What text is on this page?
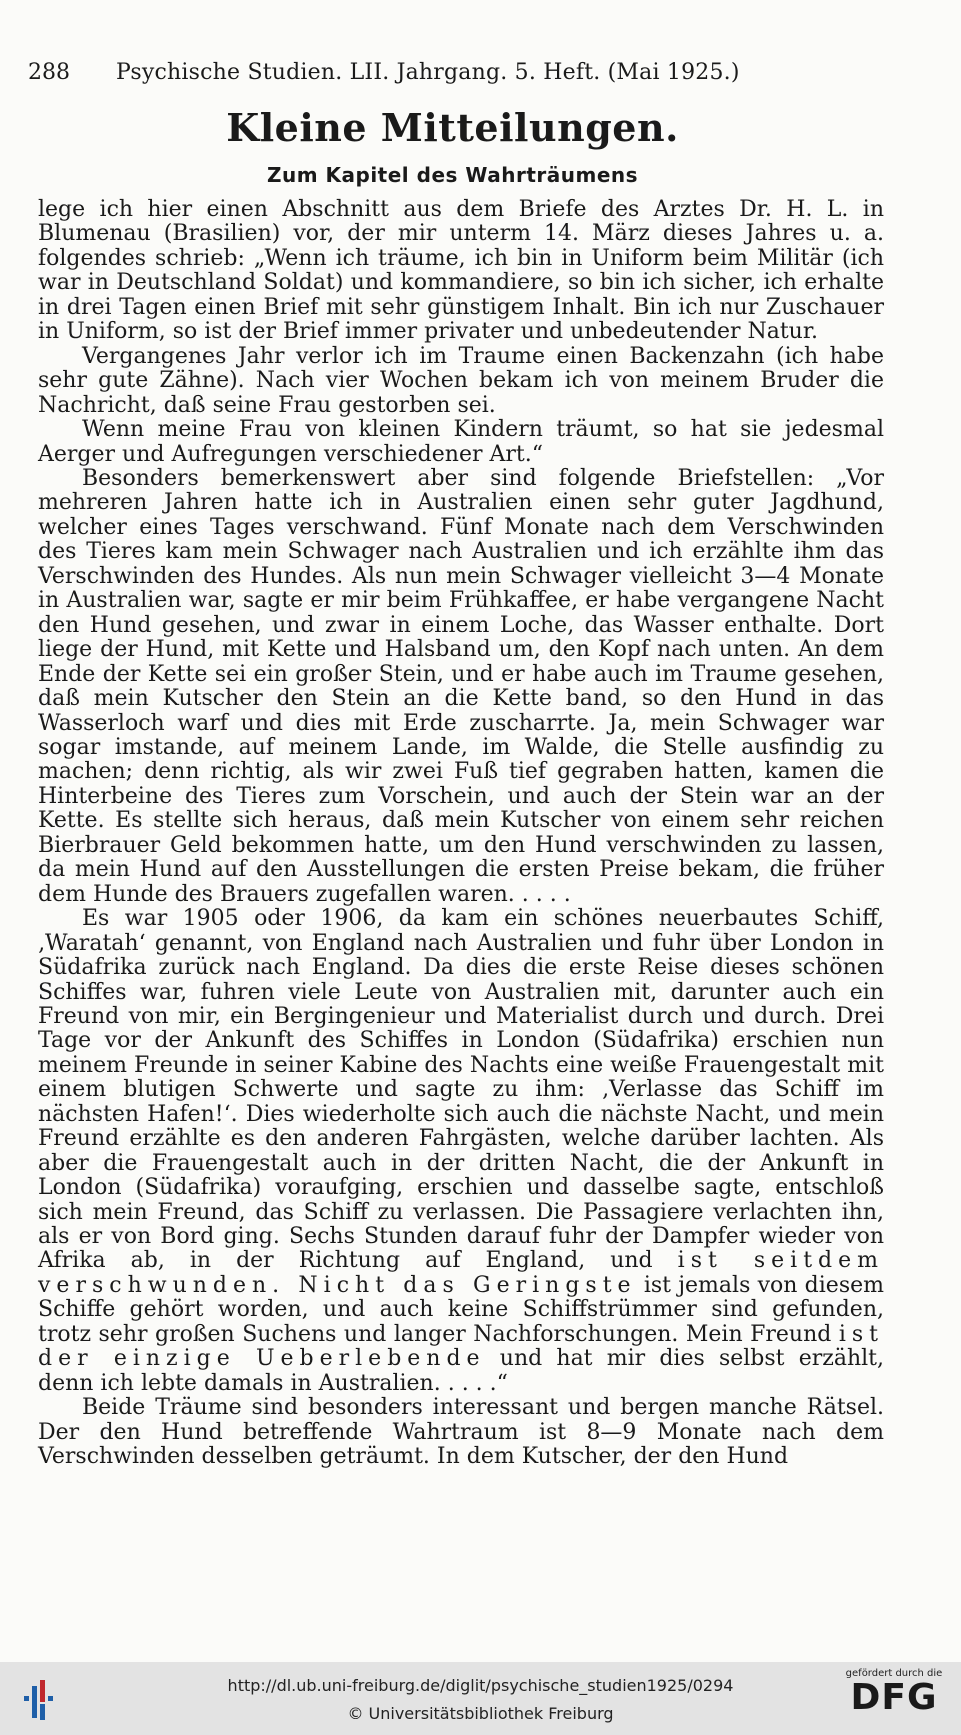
288 Psychische Studien. LII. Jahrgang. 5. Heft. (Mai 1925.)
Kleine Mitteilungen.
Zum Kapitel des Wahrträumens

lege ich hier einen Abschnitt aus dem Briefe des Arztes Dr. H. L. in Blumenau (Brasilien) vor, der mir unterm 14. März dieses Jahres u. a. folgendes schrieb: „Wenn ich träume, ich bin in Uniform beim Militär (ich war in Deutschland Soldat) und kommandiere, so bin ich sicher, ich erhalte in drei Tagen einen Brief mit sehr günstigem Inhalt. Bin ich nur Zuschauer in Uniform, so ist der Brief immer privater und unbedeutender Natur.

Vergangenes Jahr verlor ich im Traume einen Backenzahn (ich habe sehr gute Zähne). Nach vier Wochen bekam ich von meinem Bruder die Nachricht, daß seine Frau gestorben sei.

Wenn meine Frau von kleinen Kindern träumt, so hat sie jedesmal Aerger und Aufregungen verschiedener Art.“

Besonders bemerkenswert aber sind folgende Briefstellen: „Vor mehreren Jahren hatte ich in Australien einen sehr guter Jagdhund, welcher eines Tages verschwand. Fünf Monate nach dem Verschwinden des Tieres kam mein Schwager nach Australien und ich erzählte ihm das Verschwinden des Hundes. Als nun mein Schwager vielleicht 3—4 Monate in Australien war, sagte er mir beim Frühkaffee, er habe vergangene Nacht den Hund gesehen, und zwar in einem Loche, das Wasser enthalte. Dort liege der Hund, mit Kette und Halsband um, den Kopf nach unten. An dem Ende der Kette sei ein großer Stein, und er habe auch im Traume gesehen, daß mein Kutscher den Stein an die Kette band, so den Hund in das Wasserloch warf und dies mit Erde zuscharrte. Ja, mein Schwager war sogar imstande, auf meinem Lande, im Walde, die Stelle ausfindig zu machen; denn richtig, als wir zwei Fuß tief gegraben hatten, kamen die Hinterbeine des Tieres zum Vorschein, und auch der Stein war an der Kette. Es stellte sich heraus, daß mein Kutscher von einem sehr reichen Bierbrauer Geld bekommen hatte, um den Hund verschwinden zu lassen, da mein Hund auf den Ausstellungen die ersten Preise bekam, die früher dem Hunde des Brauers zugefallen waren. . . . .

Es war 1905 oder 1906, da kam ein schönes neuerbautes Schiff, ‚Waratah‘ genannt, von England nach Australien und fuhr über London in Südafrika zurück nach England. Da dies die erste Reise dieses schönen Schiffes war, fuhren viele Leute von Australien mit, darunter auch ein Freund von mir, ein Bergingenieur und Materialist durch und durch. Drei Tage vor der Ankunft des Schiffes in London (Südafrika) erschien nun meinem Freunde in seiner Kabine des Nachts eine weiße Frauengestalt mit einem blutigen Schwerte und sagte zu ihm: ‚Verlasse das Schiff im nächsten Hafen!‘. Dies wiederholte sich auch die nächste Nacht, und mein Freund erzählte es den anderen Fahrgästen, welche darüber lachten. Als aber die Frauengestalt auch in der dritten Nacht, die der Ankunft in London (Südafrika) voraufging, erschien und dasselbe sagte, entschloß sich mein Freund, das Schiff zu verlassen. Die Passagiere verlachten ihn, als er von Bord ging. Sechs Stunden darauf fuhr der Dampfer wieder von Afrika ab, in der Richtung auf England, und ist seitdem verschwunden. Nicht das Geringste ist jemals von diesem Schiffe gehört worden, und auch keine Schiffstrümmer sind gefunden, trotz sehr großen Suchens und langer Nachforschungen. Mein Freund ist der einzige Ueberlebende und hat mir dies selbst erzählt, denn ich lebte damals in Australien. . . . .“

Beide Träume sind besonders interessant und bergen manche Rätsel. Der den Hund betreffende Wahrtraum ist 8—9 Monate nach dem Verschwinden desselben geträumt. In dem Kutscher, der den Hund

http://dl.ub.uni-freiburg.de/diglit/psychische_studien1925/0294
© Universitätsbibliothek Freiburg
gefördert durch die
DFG
